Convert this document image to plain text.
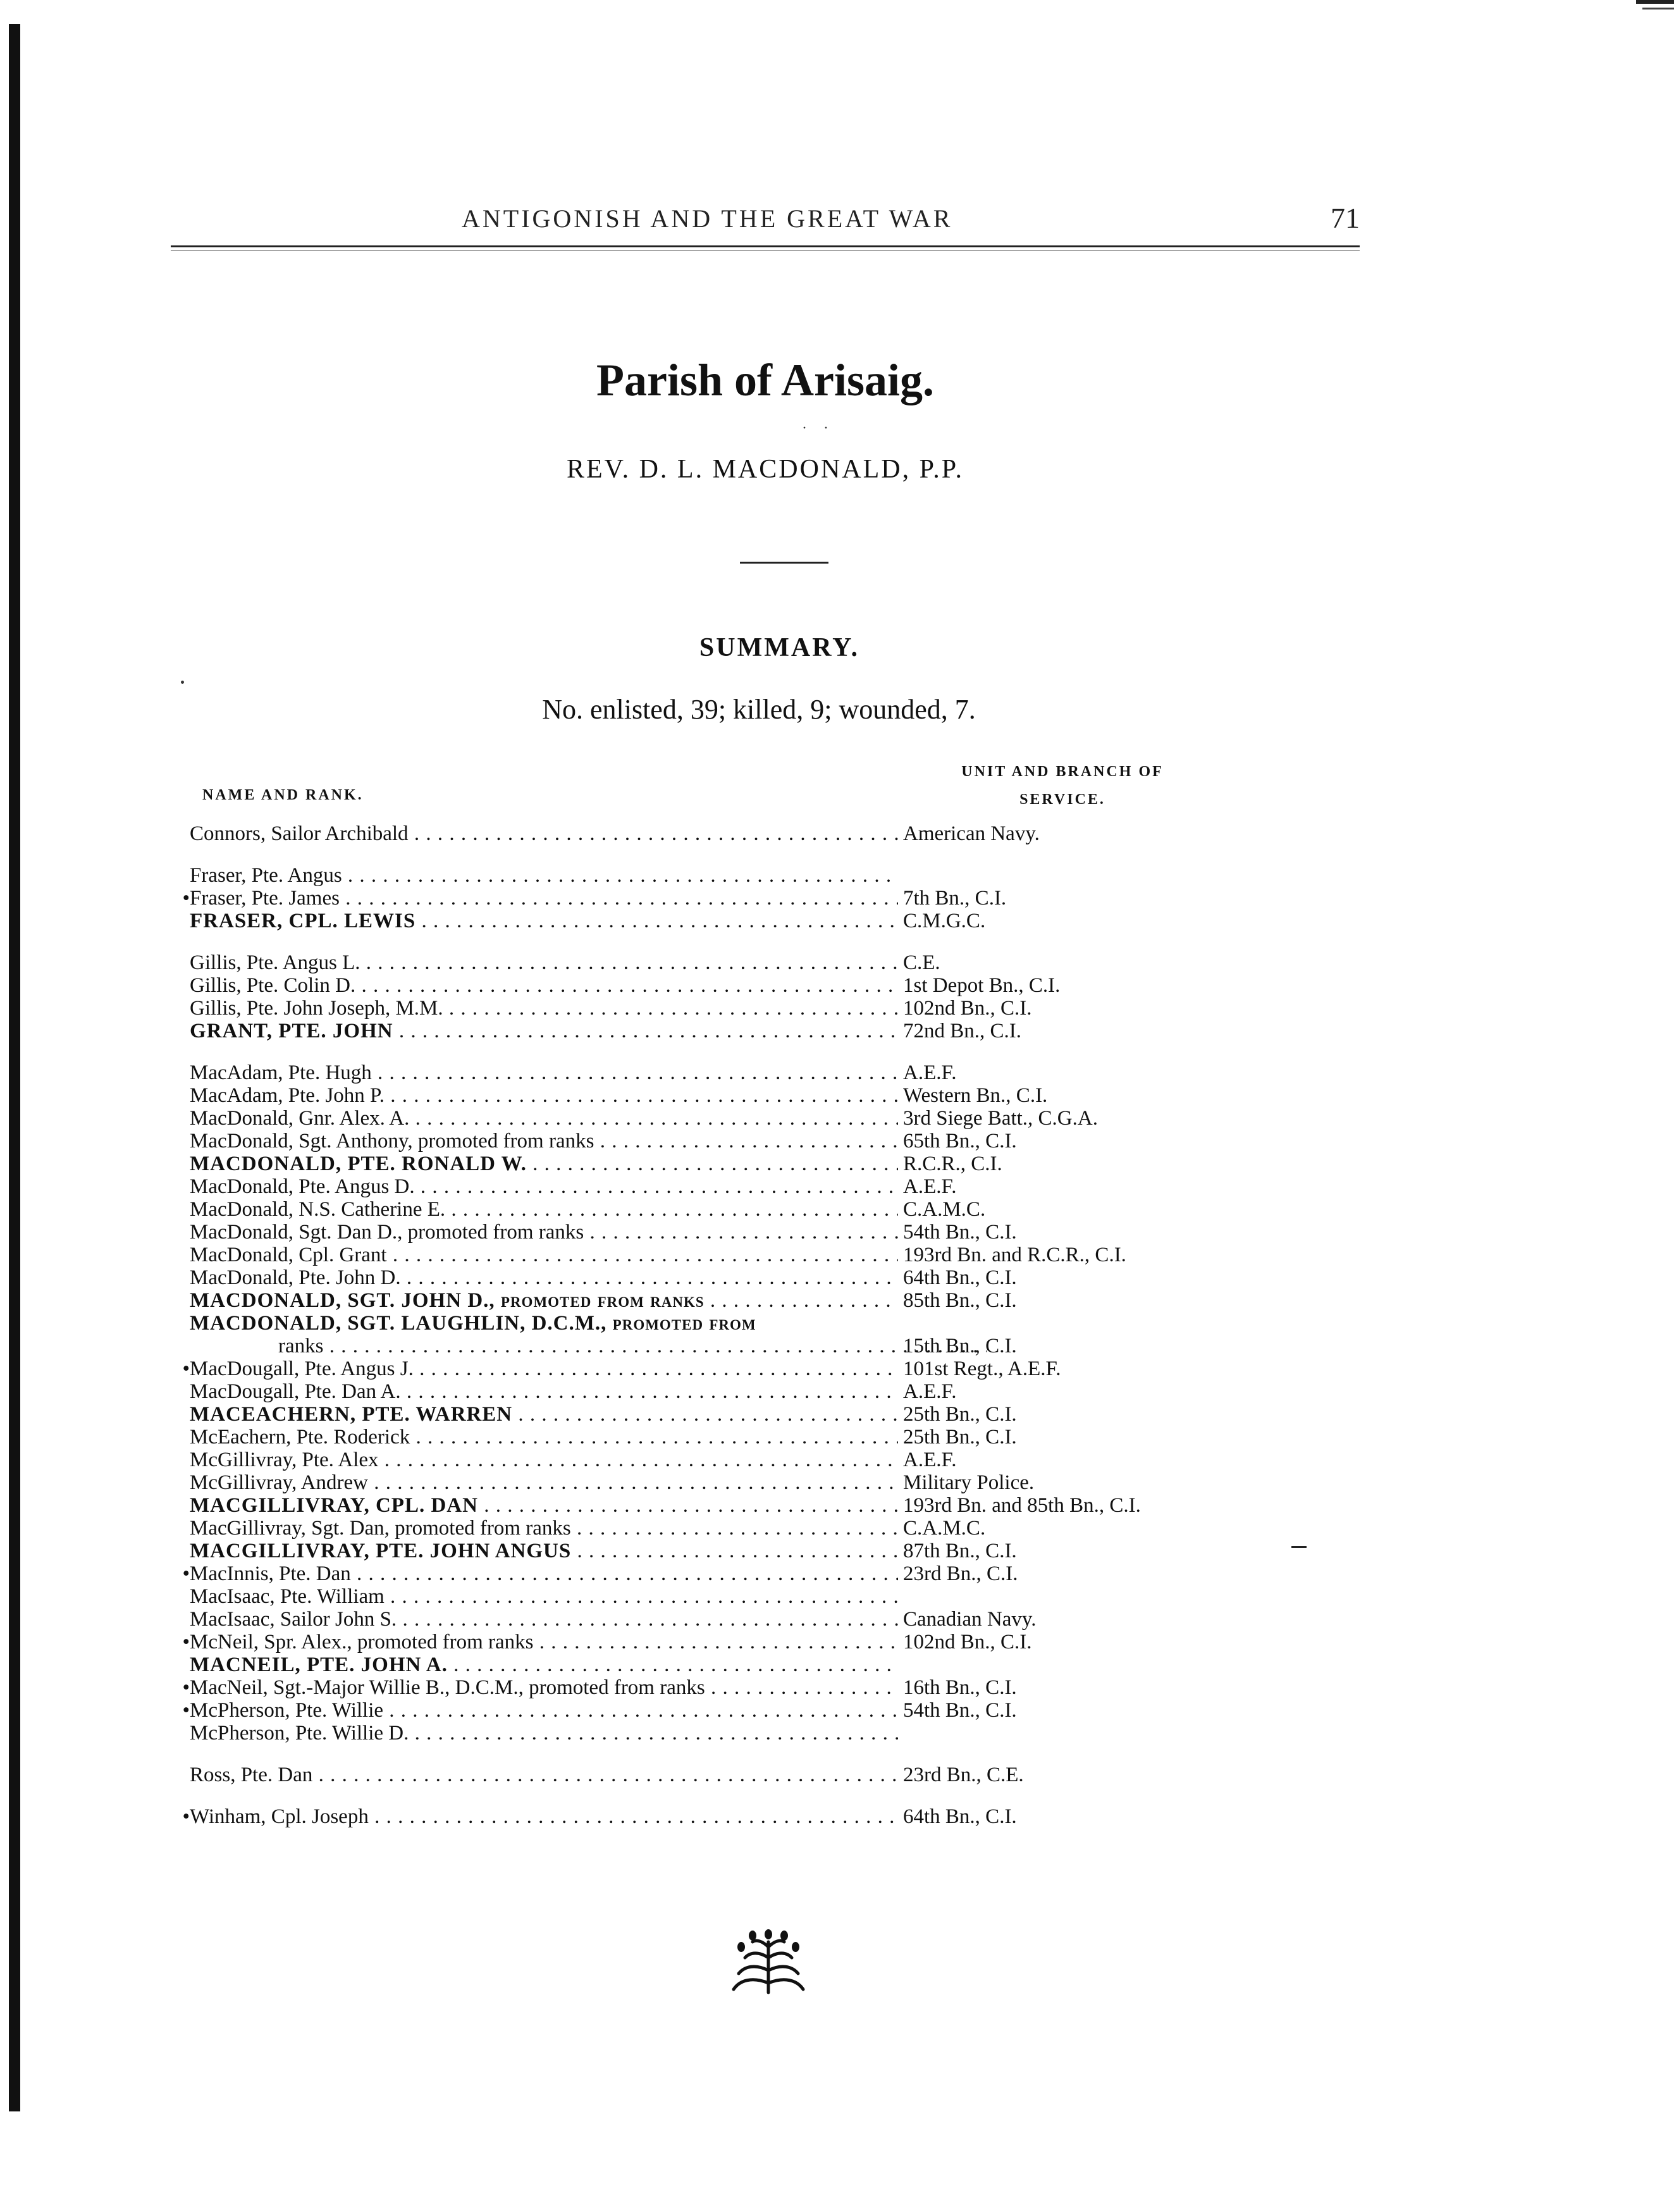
ANTIGONISH AND THE GREAT WAR	71
Parish of Arisaig.
· ·
REV. D. L. MACDONALD, P.P.
SUMMARY.
No. enlisted, 39; killed, 9; wounded, 7.
NAME AND RANK.
UNIT AND BRANCH OF
SERVICE.
Connors, Sailor Archibald . . .	American Navy.
Fraser, Pte. Angus . . .
• Fraser, Pte. James . . .	7th Bn., C.I.
FRASER, CPL. LEWIS . . .	C.M.G.C.
Gillis, Pte. Angus L. . . .	C.E.
Gillis, Pte. Colin D. . . .	1st Depot Bn., C.I.
Gillis, Pte. John Joseph, M.M. . . .	102nd Bn., C.I.
GRANT, PTE. JOHN . . .	72nd Bn., C.I.
MacAdam, Pte. Hugh . . .	A.E.F.
MacAdam, Pte. John P. . . .	Western Bn., C.I.
MacDonald, Gnr. Alex. A. . . .	3rd Siege Batt., C.G.A.
MacDonald, Sgt. Anthony, promoted from ranks . . .	65th Bn., C.I.
MACDONALD, PTE. RONALD W. . . .	R.C.R., C.I.
MacDonald, Pte. Angus D. . . .	A.E.F.
MacDonald, N.S. Catherine E. . . .	C.A.M.C.
MacDonald, Sgt. Dan D., promoted from ranks . . .	54th Bn., C.I.
MacDonald, Cpl. Grant . . .	193rd Bn. and R.C.R., C.I.
MacDonald, Pte. John D. . . .	64th Bn., C.I.
MACDONALD, SGT. JOHN D., promoted from ranks . . .	85th Bn., C.I.
MACDONALD, SGT. LAUGHLIN, D.C.M., promoted from
ranks . . .	15th Bn., C.I.
• MacDougall, Pte. Angus J. . . .	101st Regt., A.E.F.
MacDougall, Pte. Dan A. . . .	A.E.F.
MACEACHERN, PTE. WARREN . . .	25th Bn., C.I.
McEachern, Pte. Roderick . . .	25th Bn., C.I.
McGillivray, Pte. Alex . . .	A.E.F.
McGillivray, Andrew . . .	Military Police.
MACGILLIVRAY, CPL. DAN . . .	193rd Bn. and 85th Bn., C.I.
MacGillivray, Sgt. Dan, promoted from ranks . . .	C.A.M.C.
MACGILLIVRAY, PTE. JOHN ANGUS . . .	87th Bn., C.I.
• MacInnis, Pte. Dan . . .	23rd Bn., C.I.
MacIsaac, Pte. William . . .
MacIsaac, Sailor John S. . . .	Canadian Navy.
• McNeil, Spr. Alex., promoted from ranks . . .	102nd Bn., C.I.
MACNEIL, PTE. JOHN A. . . .
• MacNeil, Sgt.-Major Willie B., D.C.M., promoted from ranks . . .	16th Bn., C.I.
• McPherson, Pte. Willie . . .	54th Bn., C.I.
McPherson, Pte. Willie D. . . .
Ross, Pte. Dan . . .	23rd Bn., C.E.
• Winham, Cpl. Joseph . . .	64th Bn., C.I.
